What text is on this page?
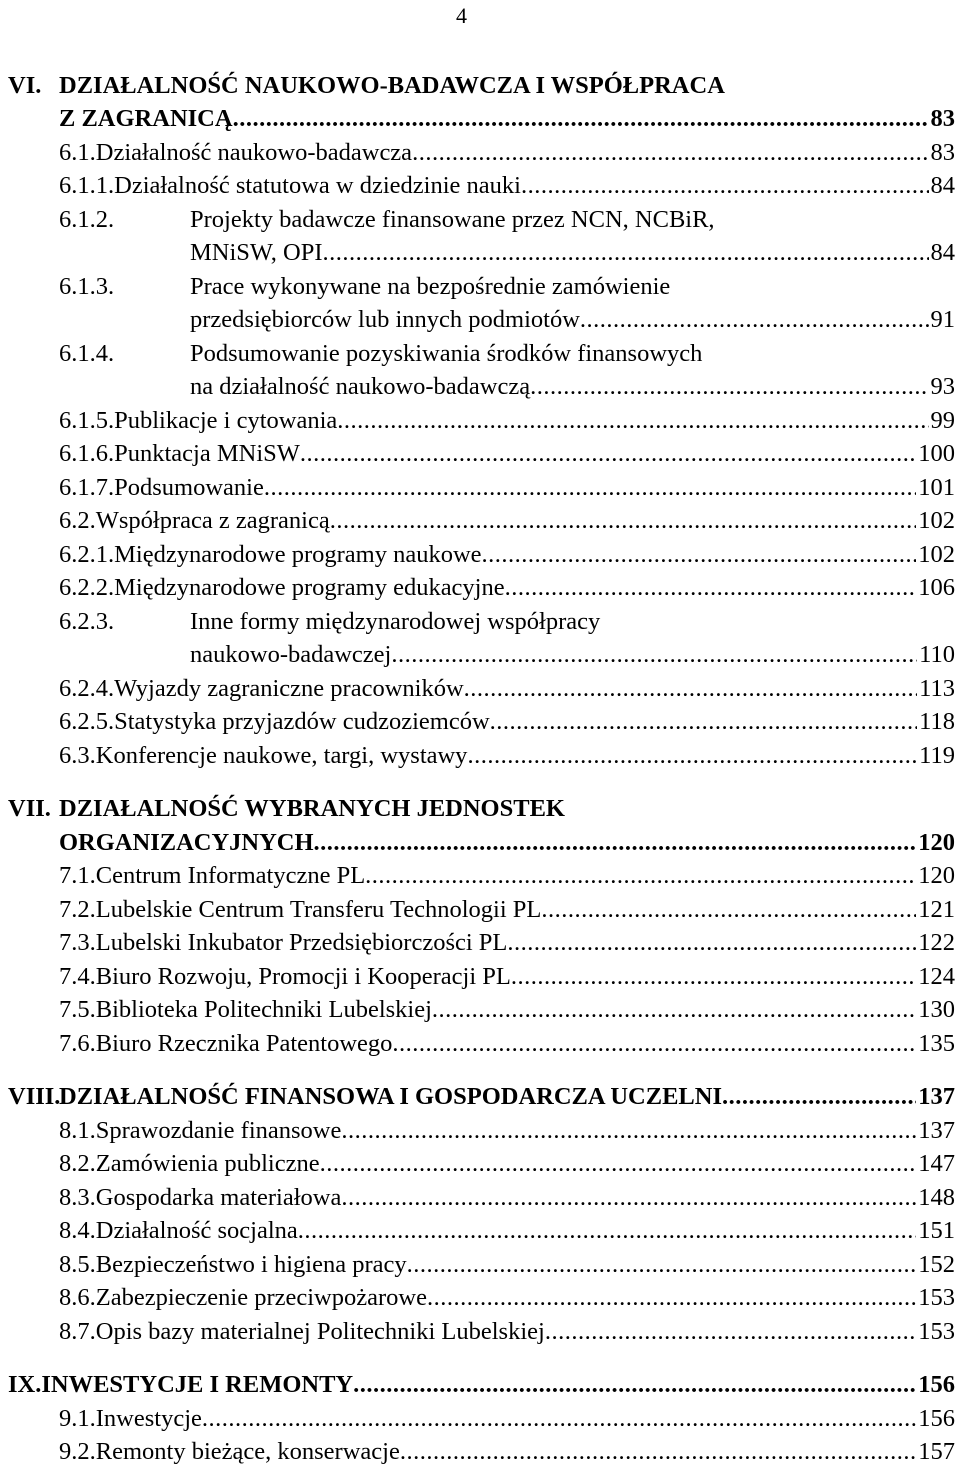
4
VI. DZIAŁALNOŚĆ NAUKOWO-BADAWCZA I WSPÓŁPRACA
Z ZAGRANICĄ .....	83
6.1. Działalność naukowo-badawcza .....	83
6.1.1. Działalność statutowa w dziedzinie nauki .....	84
6.1.2.	Projekty badawcze finansowane przez NCN, NCBiR,
MNiSW, OPI .....	84
6.1.3.	Prace wykonywane na bezpośrednie zamówienie
przedsiębiorców lub innych podmiotów .....	91
6.1.4.	Podsumowanie pozyskiwania środków finansowych
na działalność naukowo-badawczą .....	93
6.1.5. Publikacje i cytowania .....	99
6.1.6. Punktacja MNiSW .....	100
6.1.7. Podsumowanie .....	101
6.2. Współpraca z zagranicą .....	102
6.2.1. Międzynarodowe programy naukowe .....	102
6.2.2. Międzynarodowe programy edukacyjne .....	106
6.2.3.	Inne formy międzynarodowej współpracy
naukowo-badawczej .....	110
6.2.4. Wyjazdy zagraniczne pracowników .....	113
6.2.5. Statystyka przyjazdów cudzoziemców .....	118
6.3. Konferencje naukowe, targi, wystawy .....	119
VII. DZIAŁALNOŚĆ WYBRANYCH JEDNOSTEK
ORGANIZACYJNYCH .....	120
7.1. Centrum Informatyczne PL .....	120
7.2. Lubelskie Centrum Transferu Technologii PL .....	121
7.3. Lubelski Inkubator Przedsiębiorczości PL .....	122
7.4. Biuro Rozwoju, Promocji i Kooperacji PL .....	124
7.5. Biblioteka Politechniki Lubelskiej .....	130
7.6. Biuro Rzecznika Patentowego .....	135
VIII.
DZIAŁALNOŚĆ FINANSOWA I GOSPODARCZA UCZELNI .....	137
8.1. Sprawozdanie finansowe .....	137
8.2. Zamówienia publiczne .....	147
8.3. Gospodarka materiałowa .....	148
8.4. Działalność socjalna .....	151
8.5. Bezpieczeństwo i higiena pracy .....	152
8.6. Zabezpieczenie przeciwpożarowe .....	153
8.7. Opis bazy materialnej Politechniki Lubelskiej .....	153
IX. INWESTYCJE I REMONTY .....	156
9.1. Inwestycje .....	156
9.2. Remonty bieżące, konserwacje .....	157
